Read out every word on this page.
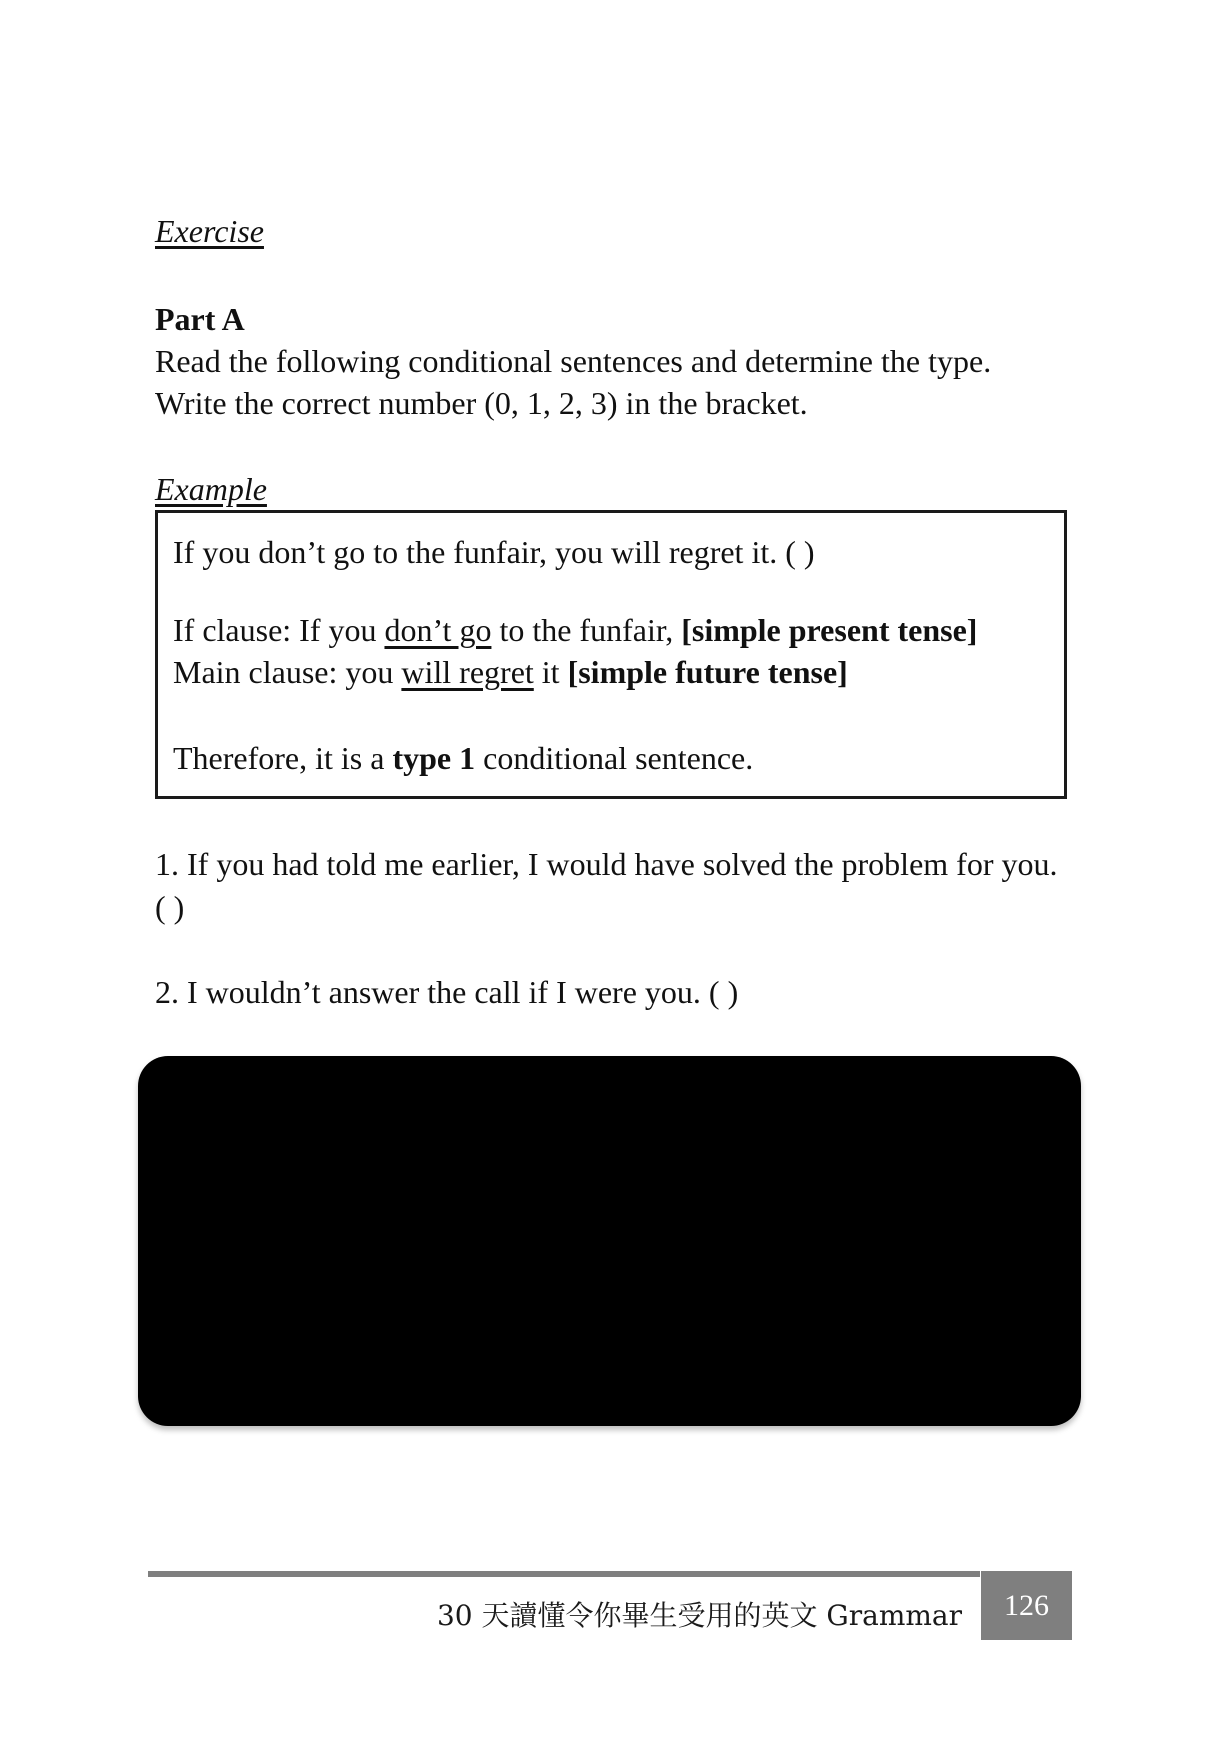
Exercise
Part A
Read the following conditional sentences and determine the type.
Write the correct number (0, 1, 2, 3) in the bracket.
Example
If you don’t go to the funfair, you will regret it. ( )
If clause: If you don’t go to the funfair, [simple present tense]
Main clause: you will regret it [simple future tense]
Therefore, it is a type 1 conditional sentence.
1. If you had told me earlier, I would have solved the problem for you.
( )
2. I wouldn’t answer the call if I were you. ( )
30 天讀懂令你畢生受用的英文 Grammar	126
